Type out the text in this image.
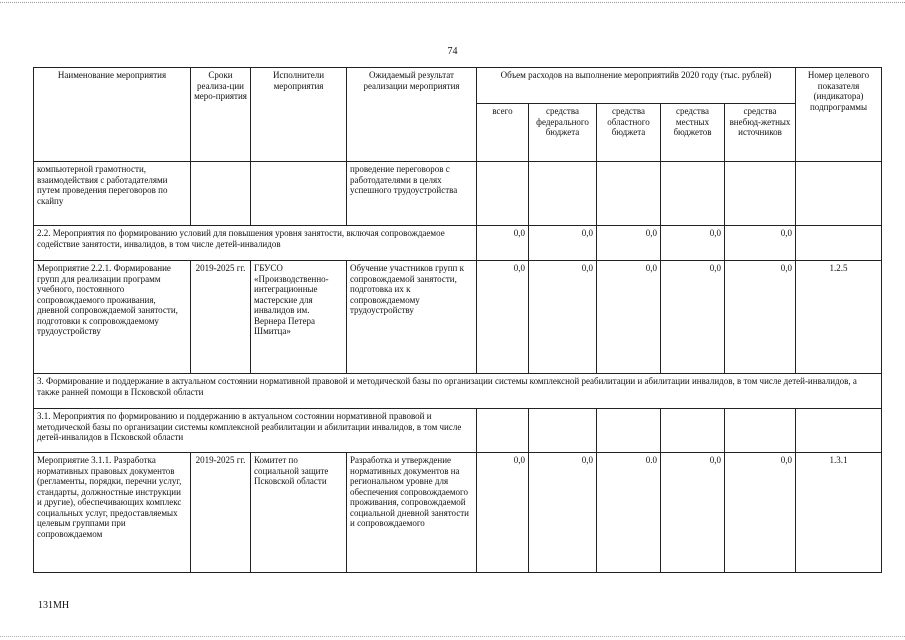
74
Наименование мероприятия	Сроки реализа-ции меро-приятия	Исполнители мероприятия	Ожидаемый результат реализации мероприятия	Объем расходов на выполнение мероприятийв 2020 году (тыс. рублей)					Номер целевого показателя (индикатора) подпрограммы
				всего	средства федерального бюджета	средства областного бюджета	средства местных бюджетов	средства внебюд-жетных источников	
компьютерной грамотности, взаимодействия с работадателями путем проведения переговоров по скайпу			проведение переговоров с работодателями в целях успешного трудоустройства						
2.2. Мероприятия по формированию условий для повышения уровня занятости, включая сопровождаемое содействие занятости, инвалидов, в том числе детей-инвалидов				0,0	0,0	0,0	0,0	0,0	
Мероприятие 2.2.1. Формирование групп для реализации программ учебного, постоянного сопровождаемого проживания, дневной сопровождаемой занятости, подготовки к сопровождаемому трудоустройству	2019-2025 гг.	ГБУСО «Производственно-интеграционные мастерские для инвалидов им. Вернера Петера Шмитца»	Обучение участников групп к сопровождаемой занятости, подготовка их к сопровождаемому трудоустройству	0,0	0,0	0,0	0,0	0,0	1.2.5
3. Формирование и поддержание в актуальном состоянии нормативной правовой и методической базы по организации системы комплексной реабилитации и абилитации инвалидов, в том числе детей-инвалидов, а также ранней помощи в Псковской области									
3.1. Мероприятия по формированию и поддержанию в актуальном состоянии нормативной правовой и методической базы по организации системы комплексной реабилитации и абилитации инвалидов, в том числе детей-инвалидов в Псковской области									
Мероприятие 3.1.1. Разработка нормативных правовых документов (регламенты, порядки, перечни услуг, стандарты, должностные инструкции и другие), обеспечивающих комплекс социальных услуг, предоставляемых целевым группами при сопровождаемом	2019-2025 гг.	Комитет по социальной защите Псковской области	Разработка и утверждение нормативных документов на региональном уровне для обеспечения сопровождаемого проживания, сопровождаемой социальной дневной занятости и сопровождаемого	0,0	0,0	0.0	0,0	0,0	1.3.1
131МН
